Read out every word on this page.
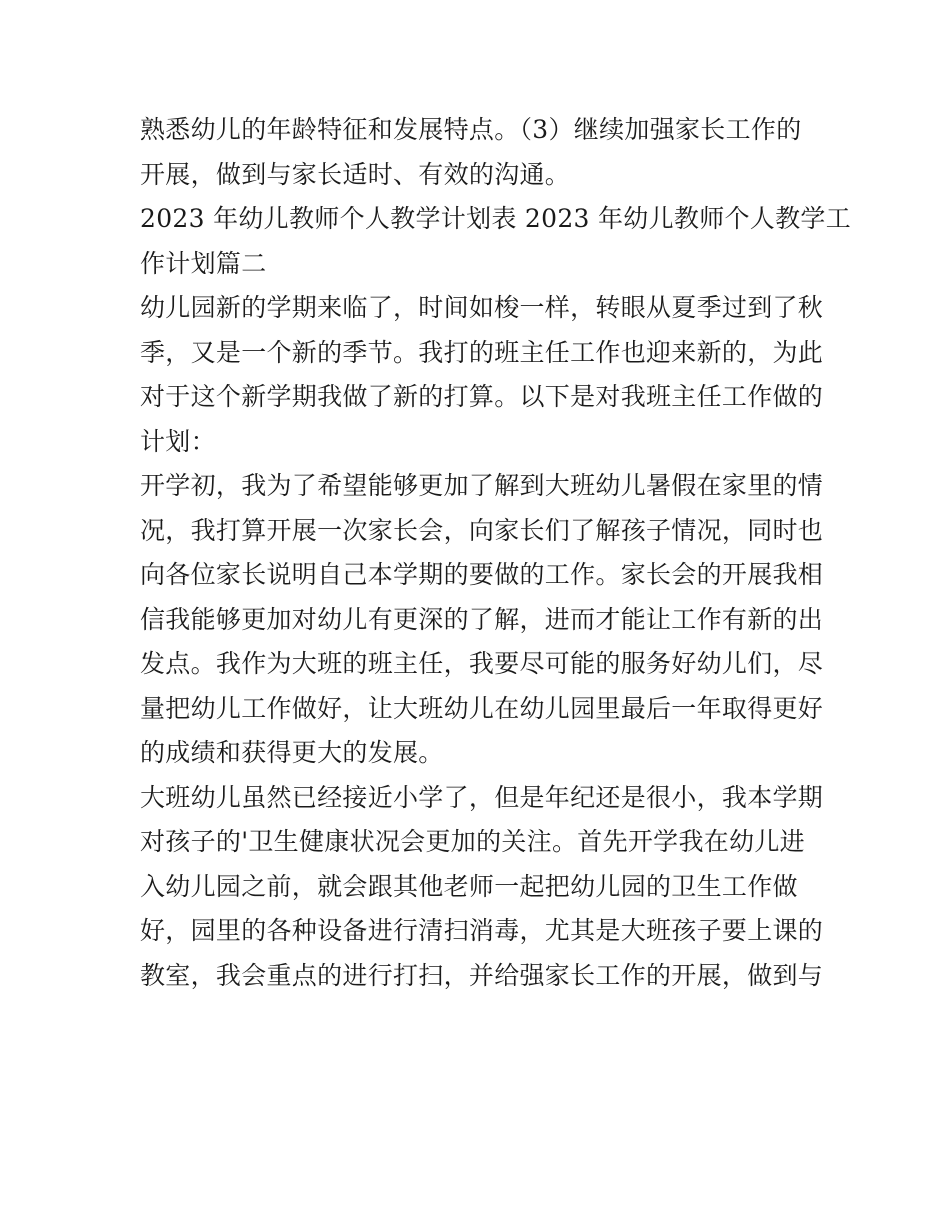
熟悉幼儿的年龄特征和发展特点。（3）继续加强家长工作的
开展，做到与家长适时、有效的沟通。
2023 年幼儿教师个人教学计划表 2023 年幼儿教师个人教学工
作计划篇二
幼儿园新的学期来临了，时间如梭一样，转眼从夏季过到了秋
季，又是一个新的季节。我打的班主任工作也迎来新的，为此
对于这个新学期我做了新的打算。以下是对我班主任工作做的
计划：
开学初，我为了希望能够更加了解到大班幼儿暑假在家里的情
况，我打算开展一次家长会，向家长们了解孩子情况，同时也
向各位家长说明自己本学期的要做的工作。家长会的开展我相
信我能够更加对幼儿有更深的了解，进而才能让工作有新的出
发点。我作为大班的班主任，我要尽可能的服务好幼儿们，尽
量把幼儿工作做好，让大班幼儿在幼儿园里最后一年取得更好
的成绩和获得更大的发展。
大班幼儿虽然已经接近小学了，但是年纪还是很小，我本学期
对孩子的'卫生健康状况会更加的关注。首先开学我在幼儿进
入幼儿园之前，就会跟其他老师一起把幼儿园的卫生工作做
好，园里的各种设备进行清扫消毒，尤其是大班孩子要上课的
教室，我会重点的进行打扫，并给强家长工作的开展，做到与
